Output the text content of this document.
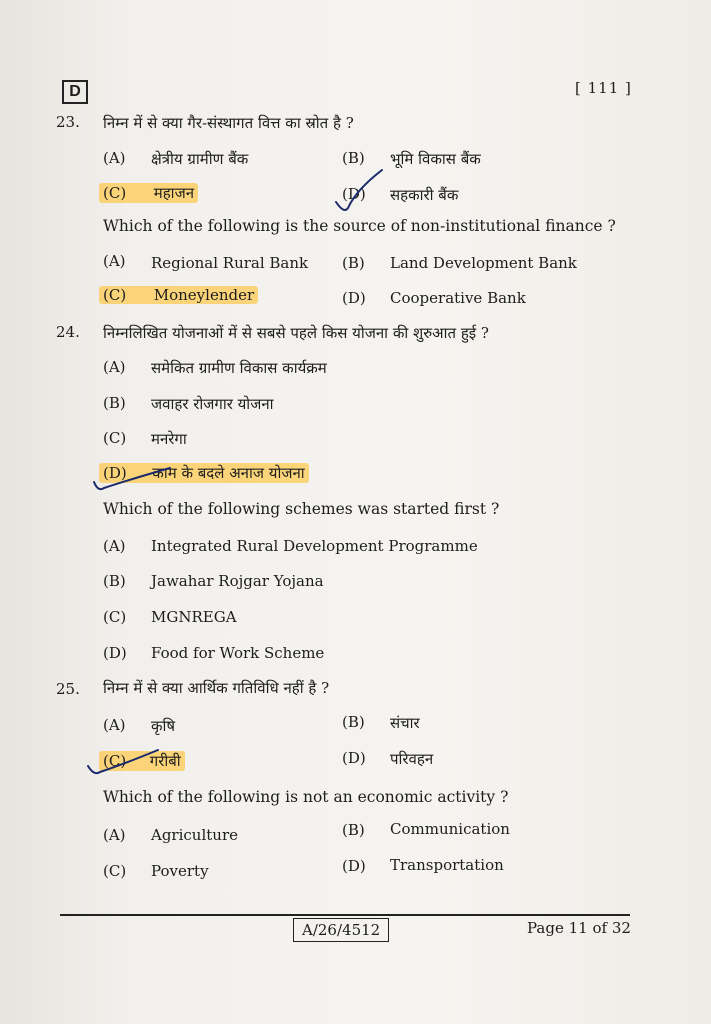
D	[ 111 ]
23. निम्न में से क्या गैर-संस्थागत वित्त का स्रोत है ?
(A) क्षेत्रीय ग्रामीण बैंक	(B) भूमि विकास बैंक
(C) महाजन	(D) सहकारी बैंक
Which of the following is the source of non-institutional finance ?
(A) Regional Rural Bank (B) Land Development Bank
(C) Moneylender	(D) Cooperative Bank
24. निम्नलिखित योजनाओं में से सबसे पहले किस योजना की शुरुआत हुई ?
(A) समेकित ग्रामीण विकास कार्यक्रम
(B) जवाहर रोजगार योजना
(C) मनरेगा
(D) काम के बदले अनाज योजना
Which of the following schemes was started first ?
(A) Integrated Rural Development Programme
(B) Jawahar Rojgar Yojana
(C) MGNREGA
(D) Food for Work Scheme
25. निम्न में से क्या आर्थिक गतिविधि नहीं है ?
(A) कृषि	(B) संचार
(C) गरीबी	(D) परिवहन
Which of the following is not an economic activity ?
(A) Agriculture	(B) Communication
(C) Poverty	(D) Transportation
A/26/4512	Page 11 of 32
